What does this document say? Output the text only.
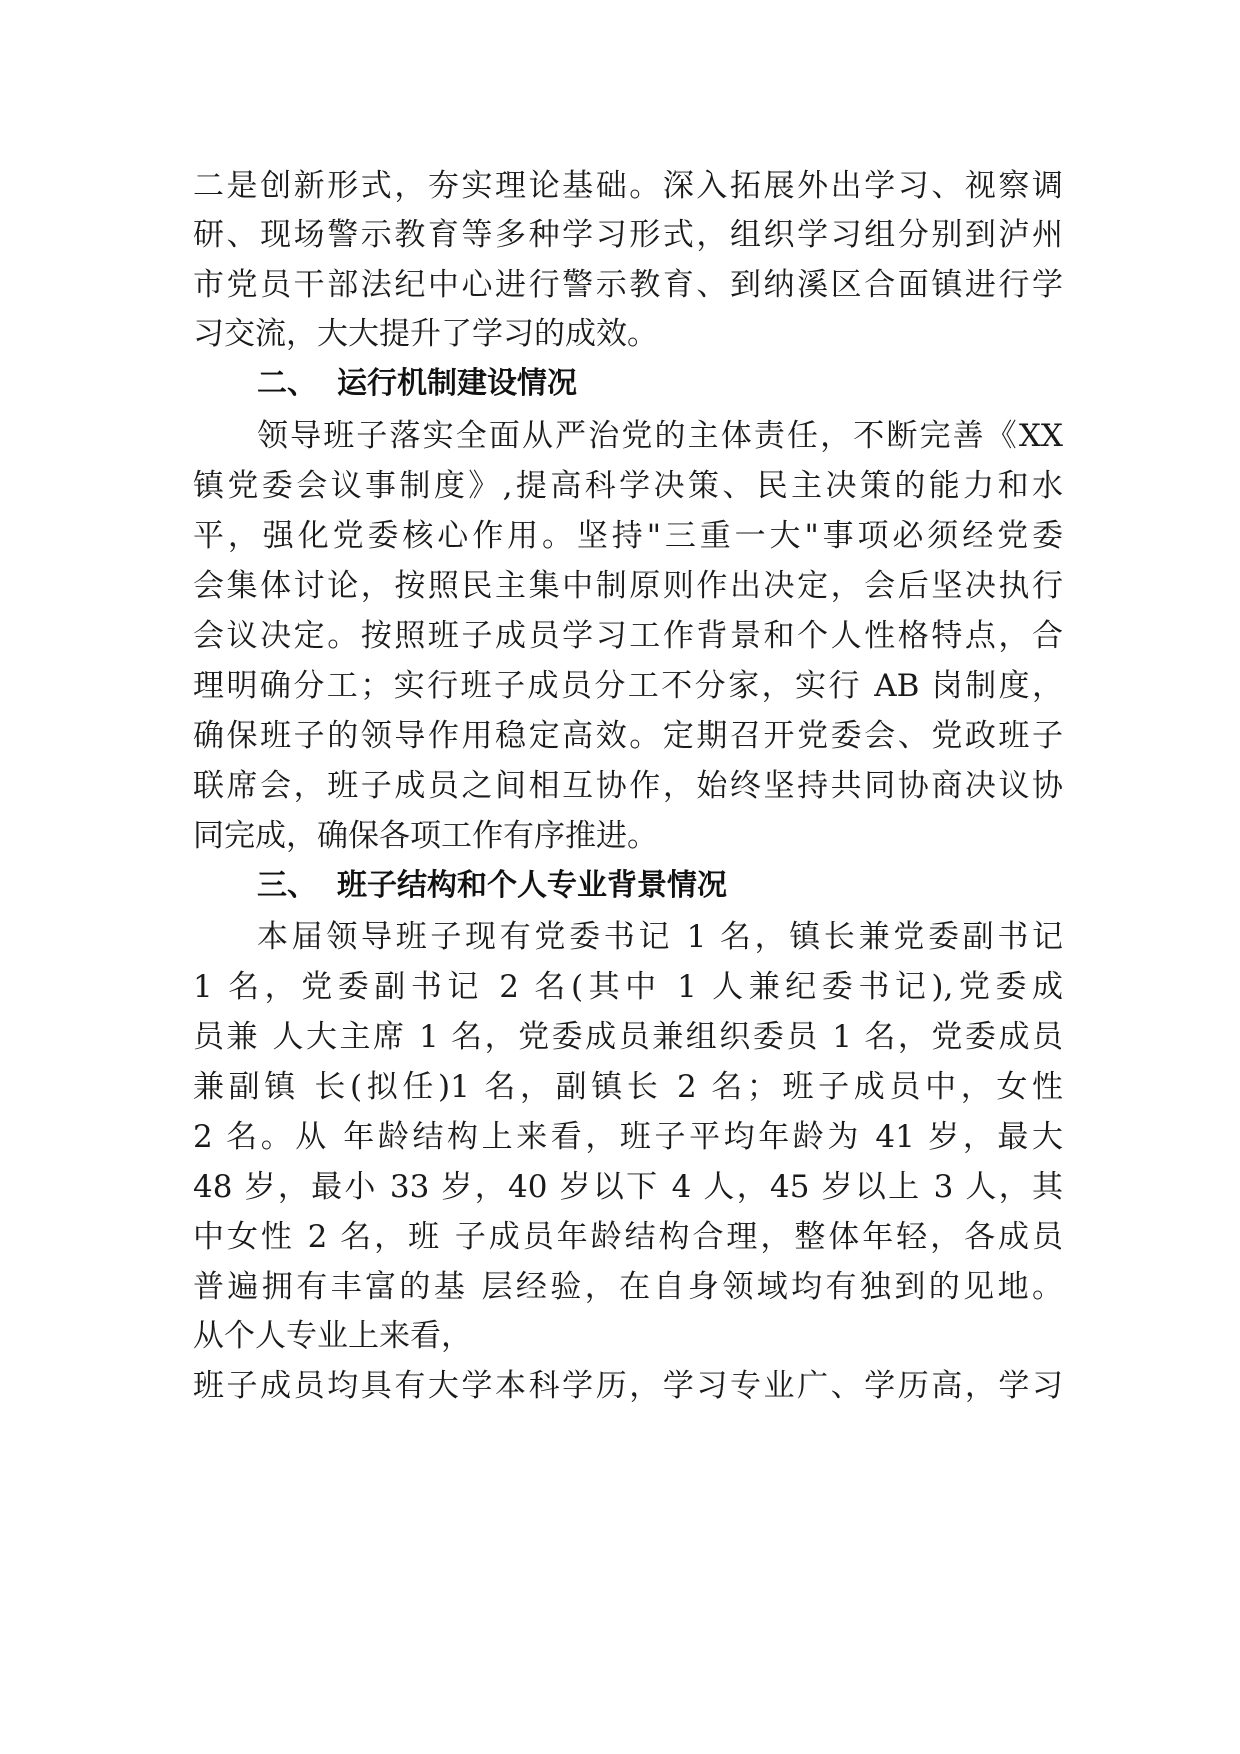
二是创新形式，夯实理论基础。深入拓展外出学习、视察调
研、现场警示教育等多种学习形式，组织学习组分别到泸州
市党员干部法纪中心进行警示教育、到纳溪区合面镇进行学
习交流，大大提升了学习的成效。
二、 运行机制建设情况
领导班子落实全面从严治党的主体责任，不断完善《XX
镇党委会议事制度》,提高科学决策、民主决策的能力和水
平，强化党委核心作用。坚持"三重一大"事项必须经党委
会集体讨论，按照民主集中制原则作出决定，会后坚决执行
会议决定。按照班子成员学习工作背景和个人性格特点，合
理明确分工；实行班子成员分工不分家，实行 AB 岗制度，
确保班子的领导作用稳定高效。定期召开党委会、党政班子
联席会，班子成员之间相互协作，始终坚持共同协商决议协
同完成，确保各项工作有序推进。
三、 班子结构和个人专业背景情况
本届领导班子现有党委书记 1 名，镇长兼党委副书记
1 名，党委副书记 2 名(其中 1 人兼纪委书记),党委成
员兼 人大主席 1 名，党委成员兼组织委员 1 名，党委成员
兼副镇 长(拟任)1 名，副镇长 2 名；班子成员中，女性
2 名。从 年龄结构上来看，班子平均年龄为 41 岁，最大
48 岁，最小 33 岁，40 岁以下 4 人，45 岁以上 3 人，其
中女性 2 名，班 子成员年龄结构合理，整体年轻，各成员
普遍拥有丰富的基 层经验，在自身领域均有独到的见地。
从个人专业上来看，
班子成员均具有大学本科学历，学习专业广、学历高，学习
